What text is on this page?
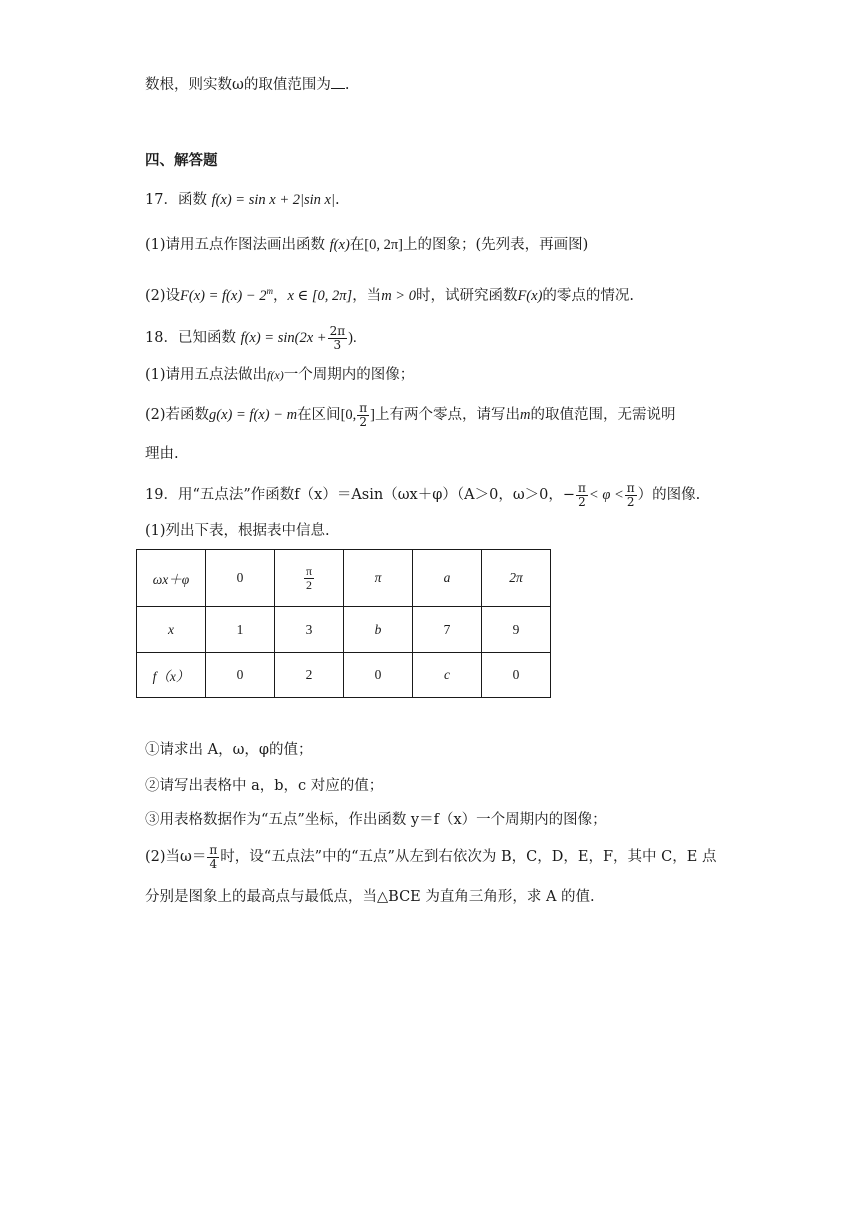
数根，则实数ω的取值范围为 .
四、解答题
17．函数 f(x) = sin x + 2|sin x|.
(1)请用五点作图法画出函数 f(x)在[0, 2π]上的图象；(先列表，再画图)
(2)设$F(x) = f(x) - 2^m$，x ∈ [0, 2π]，当m > 0时，试研究函数F(x)的零点的情况.
18．已知函数 $f(x) = \sin(2x + \frac{2\pi}{3}$ ).
(1)请用五点法做出f(x)一个周期内的图像；
(2)若函数g(x) = f(x) − m在区间[0, $\frac{\pi}{2}$ ]上有两个零点，请写出m的取值范围，无需说明
理由.
19．用“五点法”作函数f（x）＝Asin（ωx＋φ）（A＞0，ω＞0，− $\frac{\pi}{2} < \varphi < \frac{\pi}{2}$ ）的图像.
(1)列出下表，根据表中信息.
ωx＋φ	0	$\frac{\pi}{2}$	π	a	2π
x	1	3	b	7	9
f（x）	0	2	0	c	0
①请求出 A，ω，φ的值；
②请写出表格中 a，b，c 对应的值；
③用表格数据作为“五点”坐标，作出函数 y＝f（x）一个周期内的图像；
(2)当$\omega= \frac{\pi}{4}$ 时，设“五点法”中的“五点”从左到右依次为 B，C，D，E，F，其中 C，E 点
分别是图象上的最高点与最低点，当△BCE 为直角三角形，求 A 的值.
